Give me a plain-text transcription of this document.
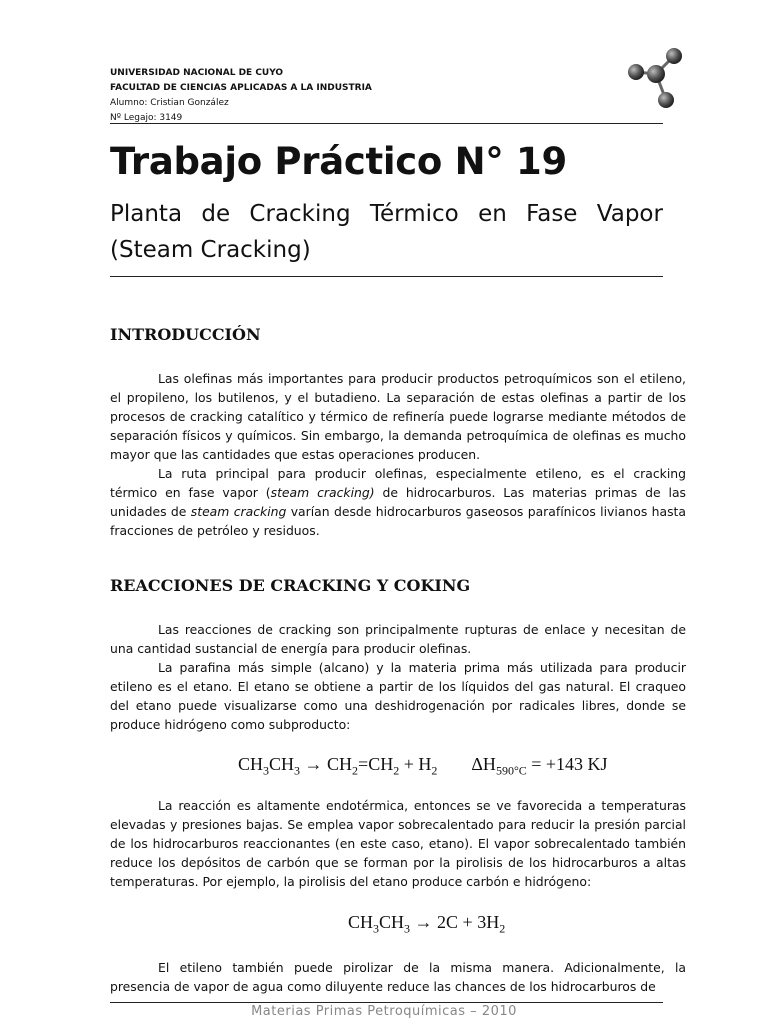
UNIVERSIDAD NACIONAL DE CUYO
FACULTAD DE CIENCIAS APLICADAS A LA INDUSTRIA
Alumno: Cristian González
Nº Legajo: 3149
Trabajo Práctico N° 19
Planta de Cracking Térmico en Fase Vapor
(Steam Cracking)
INTRODUCCIÓN

Las olefinas más importantes para producir productos petroquímicos son el etileno, el propileno, los butilenos, y el butadieno. La separación de estas olefinas a partir de los procesos de cracking catalítico y térmico de refinería puede lograrse mediante métodos de separación físicos y químicos. Sin embargo, la demanda petroquímica de olefinas es mucho mayor que las cantidades que estas operaciones producen.

La ruta principal para producir olefinas, especialmente etileno, es el cracking térmico en fase vapor (steam cracking) de hidrocarburos. Las materias primas de las unidades de steam cracking varían desde hidrocarburos gaseosos parafínicos livianos hasta fracciones de petróleo y residuos.

REACCIONES DE CRACKING Y COKING

Las reacciones de cracking son principalmente rupturas de enlace y necesitan de una cantidad sustancial de energía para producir olefinas.

La parafina más simple (alcano) y la materia prima más utilizada para producir etileno es el etano. El etano se obtiene a partir de los líquidos del gas natural. El craqueo del etano puede visualizarse como una deshidrogenación por radicales libres, donde se produce hidrógeno como subproducto:

$CH_3CH_3 \to CH_2=CH_2 + H_2$ $\Delta H_{590^\circ C} = +143$ KJ

La reacción es altamente endotérmica, entonces se ve favorecida a temperaturas elevadas y presiones bajas. Se emplea vapor sobrecalentado para reducir la presión parcial de los hidrocarburos reaccionantes (en este caso, etano). El vapor sobrecalentado también reduce los depósitos de carbón que se forman por la pirolisis de los hidrocarburos a altas temperaturas. Por ejemplo, la pirolisis del etano produce carbón e hidrógeno:

$CH_3CH_3 \to 2C + 3H_2$

El etileno también puede pirolizar de la misma manera. Adicionalmente, la presencia de vapor de agua como diluyente reduce las chances de los hidrocarburos de

Materias Primas Petroquímicas – 2010
